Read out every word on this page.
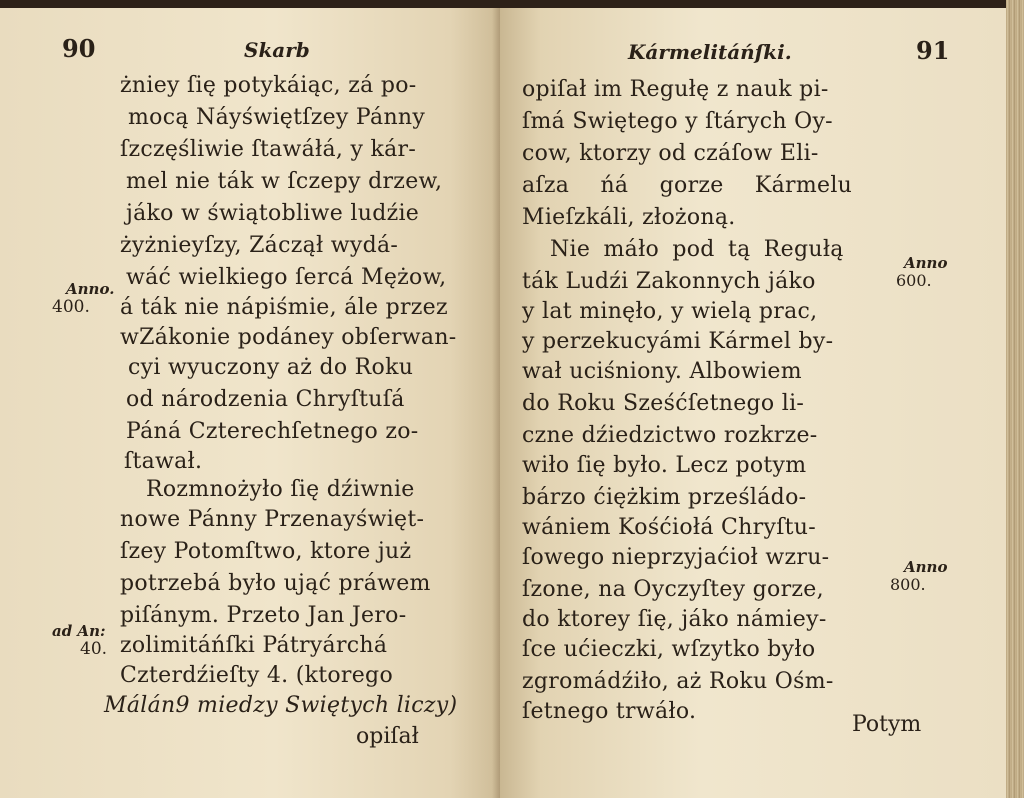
90	Skarb
Anno.
400.
ad An:
40.
żniey ſię potykáiąc, zá po-
mocą Náyświętſzey Pánny
ſzczęśliwie ſtawáłá, y kár-
mel nie ták w ſczepy drzew,
jáko w świątobliwe ludźie
żyżnieyſzy, Záczął wydá-
wáć wielkiego ſercá Mężow,
á ták nie nápiśmie, ále przez
wZákonie podáney obſerwan-
cyi wyuczony aż do Roku
od národzenia Chryſtuſá
Páná Czterechſetnego zo-
ſtawał.
Rozmnożyło ſię dźiwnie
nowe Pánny Przenayświęt-
ſzey Potomſtwo, ktore już
potrzebá było ująć práwem
piſánym. Przeto Jan Jero-
zolimitáńſki Pátryárchá
Czterdźieſty 4. (ktorego
Málán9 miedzy Swiętych liczy)
opiſał
Kármelitáńſki.	91
opiſał im Regułę z nauk pi-
ſmá Swiętego y ſtárych Oy-
cow, ktorzy od czáſow Eli-
aſza ńá gorze Kármelu
Mieſzkáli, złożoną.
Nie máło pod tą Regułą
ták Ludźi Zakonnych jáko
y lat minęło, y wielą prac,
y perzekucyámi Kármel by-
wał uciśniony. Albowiem
do Roku Sześćſetnego li-
czne dźiedzictwo rozkrze-
wiło ſię było. Lecz potym
bárzo ćiężkim prześládo-
wániem Kośćiołá Chryſtu-
ſowego nieprzyjaćioł wzru-
ſzone, na Oyczyſtey gorze,
do ktorey ſię, jáko námiey-
ſce ućieczki, wſzytko było
zgromádźiło, aż Roku Ośm-
ſetnego trwáło.
Anno
600.
Anno
800.
Potym
